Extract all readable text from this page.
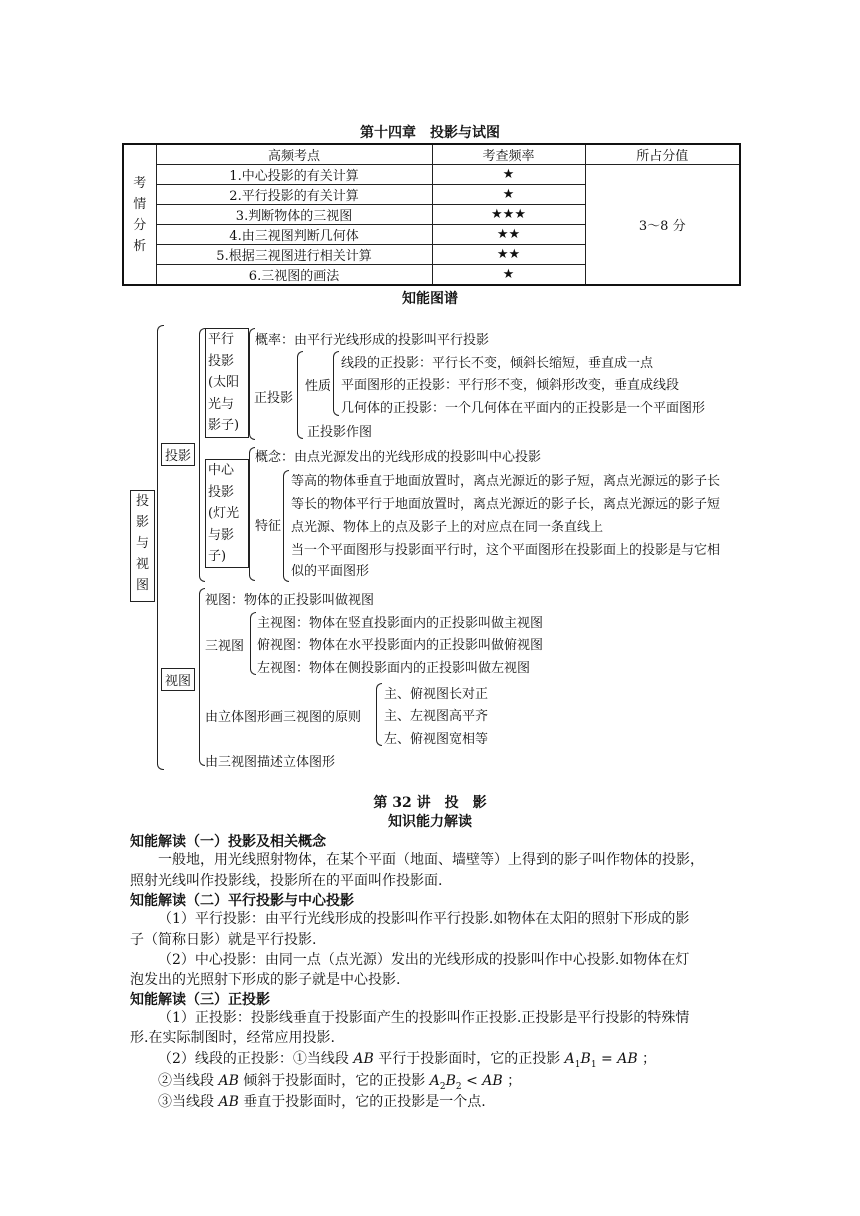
第十四章　投影与试图
考
情
分
析	高频考点	考查频率	所占分值
	1.中心投影的有关计算	★	3～8 分
	2.平行投影的有关计算	★	
	3.判断物体的三视图	★★★	
	4.由三视图判断几何体	★★	
	5.根据三视图进行相关计算	★★	
	6.三视图的画法	★	
知能图谱
投
影
与
视
图
投影
平行
投影
(太阳
光与
影子)
概率：由平行光线形成的投影叫平行投影
正投影
性质
线段的正投影：平行长不变，倾斜长缩短，垂直成一点
平面图形的正投影：平行形不变，倾斜形改变，垂直成线段
几何体的正投影：一个几何体在平面内的正投影是一个平面图形
正投影作图
中心
投影
(灯光
与影
子)
概念：由点光源发出的光线形成的投影叫中心投影
特征
等高的物体垂直于地面放置时，离点光源近的影子短，离点光源远的影子长
等长的物体平行于地面放置时，离点光源近的影子长，离点光源远的影子短
点光源、物体上的点及影子上的对应点在同一条直线上
当一个平面图形与投影面平行时，这个平面图形在投影面上的投影是与它相
似的平面图形
视图
视图：物体的正投影叫做视图
三视图
主视图：物体在竖直投影面内的正投影叫做主视图
俯视图：物体在水平投影面内的正投影叫做俯视图
左视图：物体在侧投影面内的正投影叫做左视图
由立体图形画三视图的原则
主、俯视图长对正
主、左视图高平齐
左、俯视图宽相等
由三视图描述立体图形
第 32 讲　投　影
知识能力解读
知能解读（一）投影及相关概念
一般地，用光线照射物体，在某个平面（地面、墙壁等）上得到的影子叫作物体的投影，
照射光线叫作投影线，投影所在的平面叫作投影面.
知能解读（二）平行投影与中心投影
（1）平行投影：由平行光线形成的投影叫作平行投影.如物体在太阳的照射下形成的影
子（简称日影）就是平行投影.
（2）中心投影：由同一点（点光源）发出的光线形成的投影叫作中心投影.如物体在灯
泡发出的光照射下形成的影子就是中心投影.
知能解读（三）正投影
（1）正投影：投影线垂直于投影面产生的投影叫作正投影.正投影是平行投影的特殊情
形.在实际制图时，经常应用投影.
（2）线段的正投影：①当线段 AB 平行于投影面时，它的正投影 $A_1B_1$ = AB ；
②当线段 AB 倾斜于投影面时，它的正投影 $A_2B_2$ < AB ；
③当线段 AB 垂直于投影面时，它的正投影是一个点.
